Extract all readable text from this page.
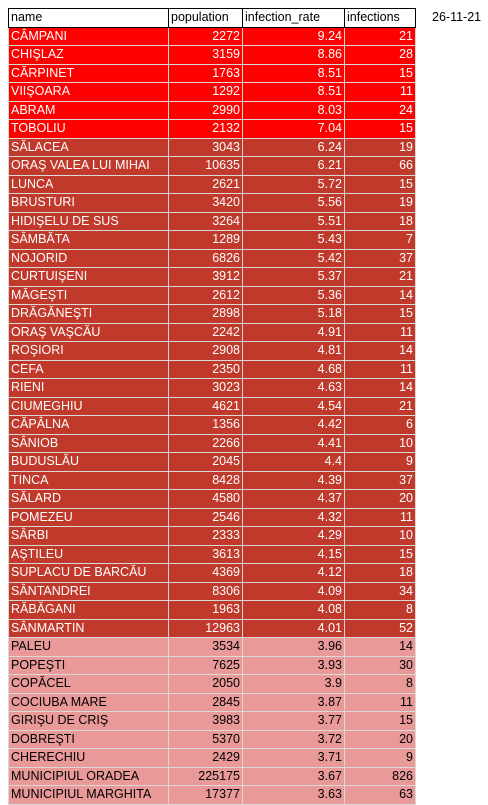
name	population	infection_rate	infections
CÂMPANI	2272	9.24	21
CHIŞLAZ	3159	8.86	28
CĂRPINET	1763	8.51	15
VIIŞOARA	1292	8.51	11
ABRAM	2990	8.03	24
TOBOLIU	2132	7.04	15
SĂLACEA	3043	6.24	19
ORAŞ VALEA LUI MIHAI	10635	6.21	66
LUNCA	2621	5.72	15
BRUSTURI	3420	5.56	19
HIDIŞELU DE SUS	3264	5.51	18
SÂMBĂTA	1289	5.43	7
NOJORID	6826	5.42	37
CURTUIŞENI	3912	5.37	21
MĂGEŞTI	2612	5.36	14
DRĂGĂNEŞTI	2898	5.18	15
ORAŞ VAŞCĂU	2242	4.91	11
ROŞIORI	2908	4.81	14
CEFA	2350	4.68	11
RIENI	3023	4.63	14
CIUMEGHIU	4621	4.54	21
CĂPÂLNA	1356	4.42	6
SÂNIOB	2266	4.41	10
BUDUSLĂU	2045	4.4	9
TINCA	8428	4.39	37
SĂLARD	4580	4.37	20
POMEZEU	2546	4.32	11
SÂRBI	2333	4.29	10
AŞTILEU	3613	4.15	15
SUPLACU DE BARCĂU	4369	4.12	18
SÂNTANDREI	8306	4.09	34
RĂBĂGANI	1963	4.08	8
SÂNMARTIN	12963	4.01	52
PALEU	3534	3.96	14
POPEŞTI	7625	3.93	30
COPĂCEL	2050	3.9	8
COCIUBA MARE	2845	3.87	11
GIRIŞU DE CRIŞ	3983	3.77	15
DOBREŞTI	5370	3.72	20
CHERECHIU	2429	3.71	9
MUNICIPIUL ORADEA	225175	3.67	826
MUNICIPIUL MARGHITA	17377	3.63	63
26-11-21
